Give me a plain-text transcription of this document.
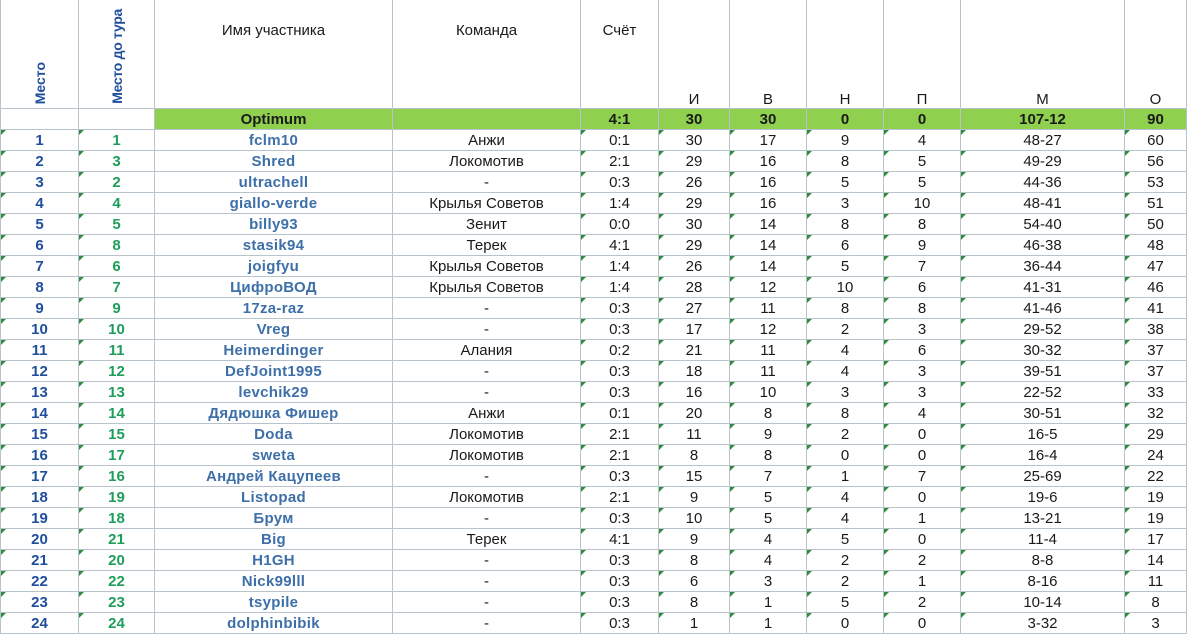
Место	Место до тура	Имя участника	Команда	Счёт	И	В	Н	П	М	О
		Optimum		4:1	30	30	0	0	107-12	90
1	1	fclm10	Анжи	0:1	30	17	9	4	48-27	60
2	3	Shred	Локомотив	2:1	29	16	8	5	49-29	56
3	2	ultrachell	-	0:3	26	16	5	5	44-36	53
4	4	giallo-verde	Крылья Советов	1:4	29	16	3	10	48-41	51
5	5	billy93	Зенит	0:0	30	14	8	8	54-40	50
6	8	stasik94	Терек	4:1	29	14	6	9	46-38	48
7	6	joigfyu	Крылья Советов	1:4	26	14	5	7	36-44	47
8	7	ЦифроВОД	Крылья Советов	1:4	28	12	10	6	41-31	46
9	9	17za-raz	-	0:3	27	11	8	8	41-46	41
10	10	Vreg	-	0:3	17	12	2	3	29-52	38
11	11	Heimerdinger	Алания	0:2	21	11	4	6	30-32	37
12	12	DefJoint1995	-	0:3	18	11	4	3	39-51	37
13	13	levchik29	-	0:3	16	10	3	3	22-52	33
14	14	Дядюшка Фишер	Анжи	0:1	20	8	8	4	30-51	32
15	15	Doda	Локомотив	2:1	11	9	2	0	16-5	29
16	17	sweta	Локомотив	2:1	8	8	0	0	16-4	24
17	16	Андрей Кацупеев	-	0:3	15	7	1	7	25-69	22
18	19	Listopad	Локомотив	2:1	9	5	4	0	19-6	19
19	18	Брум	-	0:3	10	5	4	1	13-21	19
20	21	Big	Терек	4:1	9	4	5	0	11-4	17
21	20	H1GH	-	0:3	8	4	2	2	8-8	14
22	22	Nick99lll	-	0:3	6	3	2	1	8-16	11
23	23	tsypile	-	0:3	8	1	5	2	10-14	8
24	24	dolphinbibik	-	0:3	1	1	0	0	3-32	3
